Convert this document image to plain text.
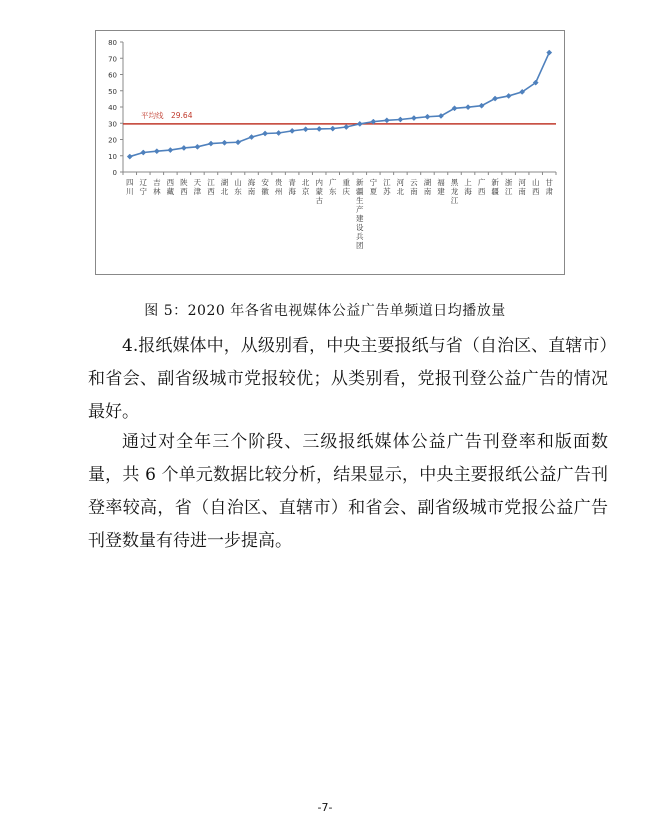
0
10
20
30
40
50
60
70
80
四川
辽宁
吉林
西藏
陕西
天津
江西
湖北
山东
海南
安徽
贵州
青海
北京
内蒙古
广东
重庆
新疆生产建设兵团
宁夏
江苏
河北
云南
湖南
福建
黑龙江
上海
广西
新疆
浙江
河南
山西
甘肃
平均线 29.64
图 5：2020 年各省电视媒体公益广告单频道日均播放量

4.报纸媒体中，从级别看，中央主要报纸与省（自治区、直辖市）和省会、副省级城市党报较优；从类别看，党报刊登公益广告的情况最好。

通过对全年三个阶段、三级报纸媒体公益广告刊登率和版面数量，共 6 个单元数据比较分析，结果显示，中央主要报纸公益广告刊登率较高，省（自治区、直辖市）和省会、副省级城市党报公益广告刊登数量有待进一步提高。

-7-
